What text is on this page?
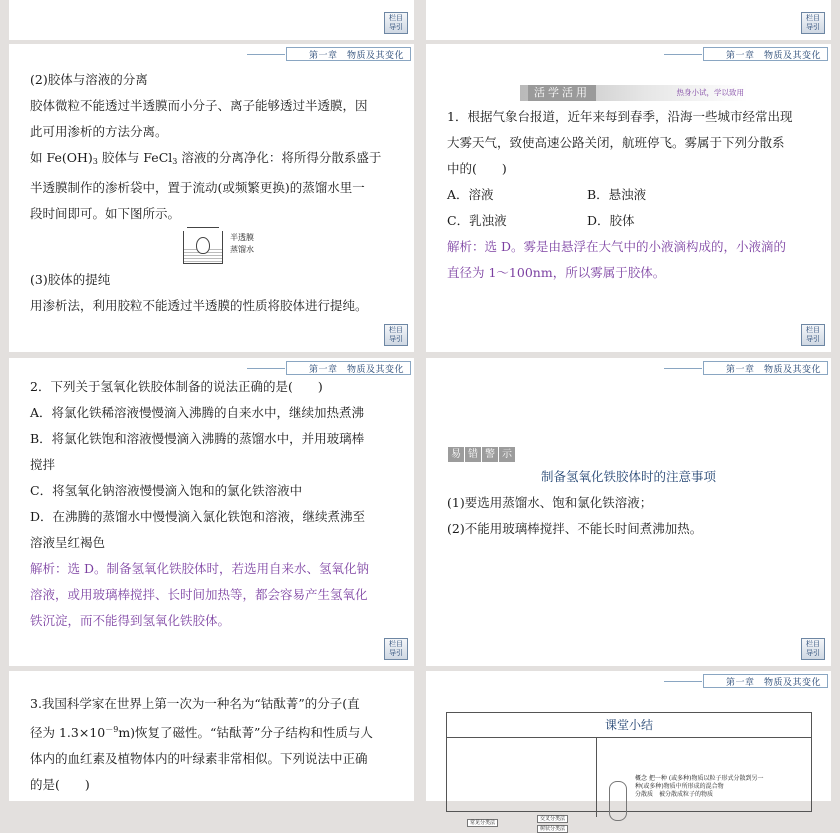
栏目
导引
栏目
导引
第一章　物质及其变化
(2)胶体与溶液的分离
胶体微粒不能透过半透膜而小分子、离子能够透过半透膜，因
此可用渗析的方法分离。
如 $Fe(OH)_3$ 胶体与 FeCl$_3$ 溶液的分离净化：将所得分散系盛于
半透膜制作的渗析袋中，置于流动(或频繁更换)的蒸馏水里一
段时间即可。如下图所示。
半透膜
蒸馏水
(3)胶体的提纯
用渗析法，利用胶粒不能透过半透膜的性质将胶体进行提纯。
栏目
导引
第一章　物质及其变化
活学活用	热身小试，学以致用
1．根据气象台报道，近年来每到春季，沿海一些城市经常出现
大雾天气，致使高速公路关闭，航班停飞。雾属于下列分散系
中的(　　)
A．溶液	B．悬浊液
C．乳浊液	D．胶体
解析：选 D。雾是由悬浮在大气中的小液滴构成的，小液滴的
直径为 1～100nm，所以雾属于胶体。
栏目
导引
第一章　物质及其变化
2．下列关于氢氧化铁胶体制备的说法正确的是(　　)
A．将氯化铁稀溶液慢慢滴入沸腾的自来水中，继续加热煮沸
B．将氯化铁饱和溶液慢慢滴入沸腾的蒸馏水中，并用玻璃棒
搅拌
C．将氢氧化钠溶液慢慢滴入饱和的氯化铁溶液中
D．在沸腾的蒸馏水中慢慢滴入氯化铁饱和溶液，继续煮沸至
溶液呈红褐色
解析：选 D。制备氢氧化铁胶体时，若选用自来水、氢氧化钠
溶液，或用玻璃棒搅拌、长时间加热等，都会容易产生氢氧化
铁沉淀，而不能得到氢氧化铁胶体。
栏目
导引
第一章　物质及其变化
易 错 警 示
制备氢氧化铁胶体时的注意事项
(1)要选用蒸馏水、饱和氯化铁溶液；
(2)不能用玻璃棒搅拌、不能长时间煮沸加热。
栏目
导引
3.我国科学家在世界上第一次为一种名为“钴酞菁”的分子(直
径为 $1.3\times 10^{-9}m$)恢复了磁性。“钴酞菁”分子结构和性质与人
体内的血红素及植物体内的叶绿素非常相似。下列说法中正确
的是(　　)
第一章　物质及其变化
课堂小结
常见分类法
交叉分类法
树状分类法
概念 把一种 (或多种)物质以粒子形式分散到另一
种(或多种)物质中所形成的混合物
分散质　被分散成粒子的物质
